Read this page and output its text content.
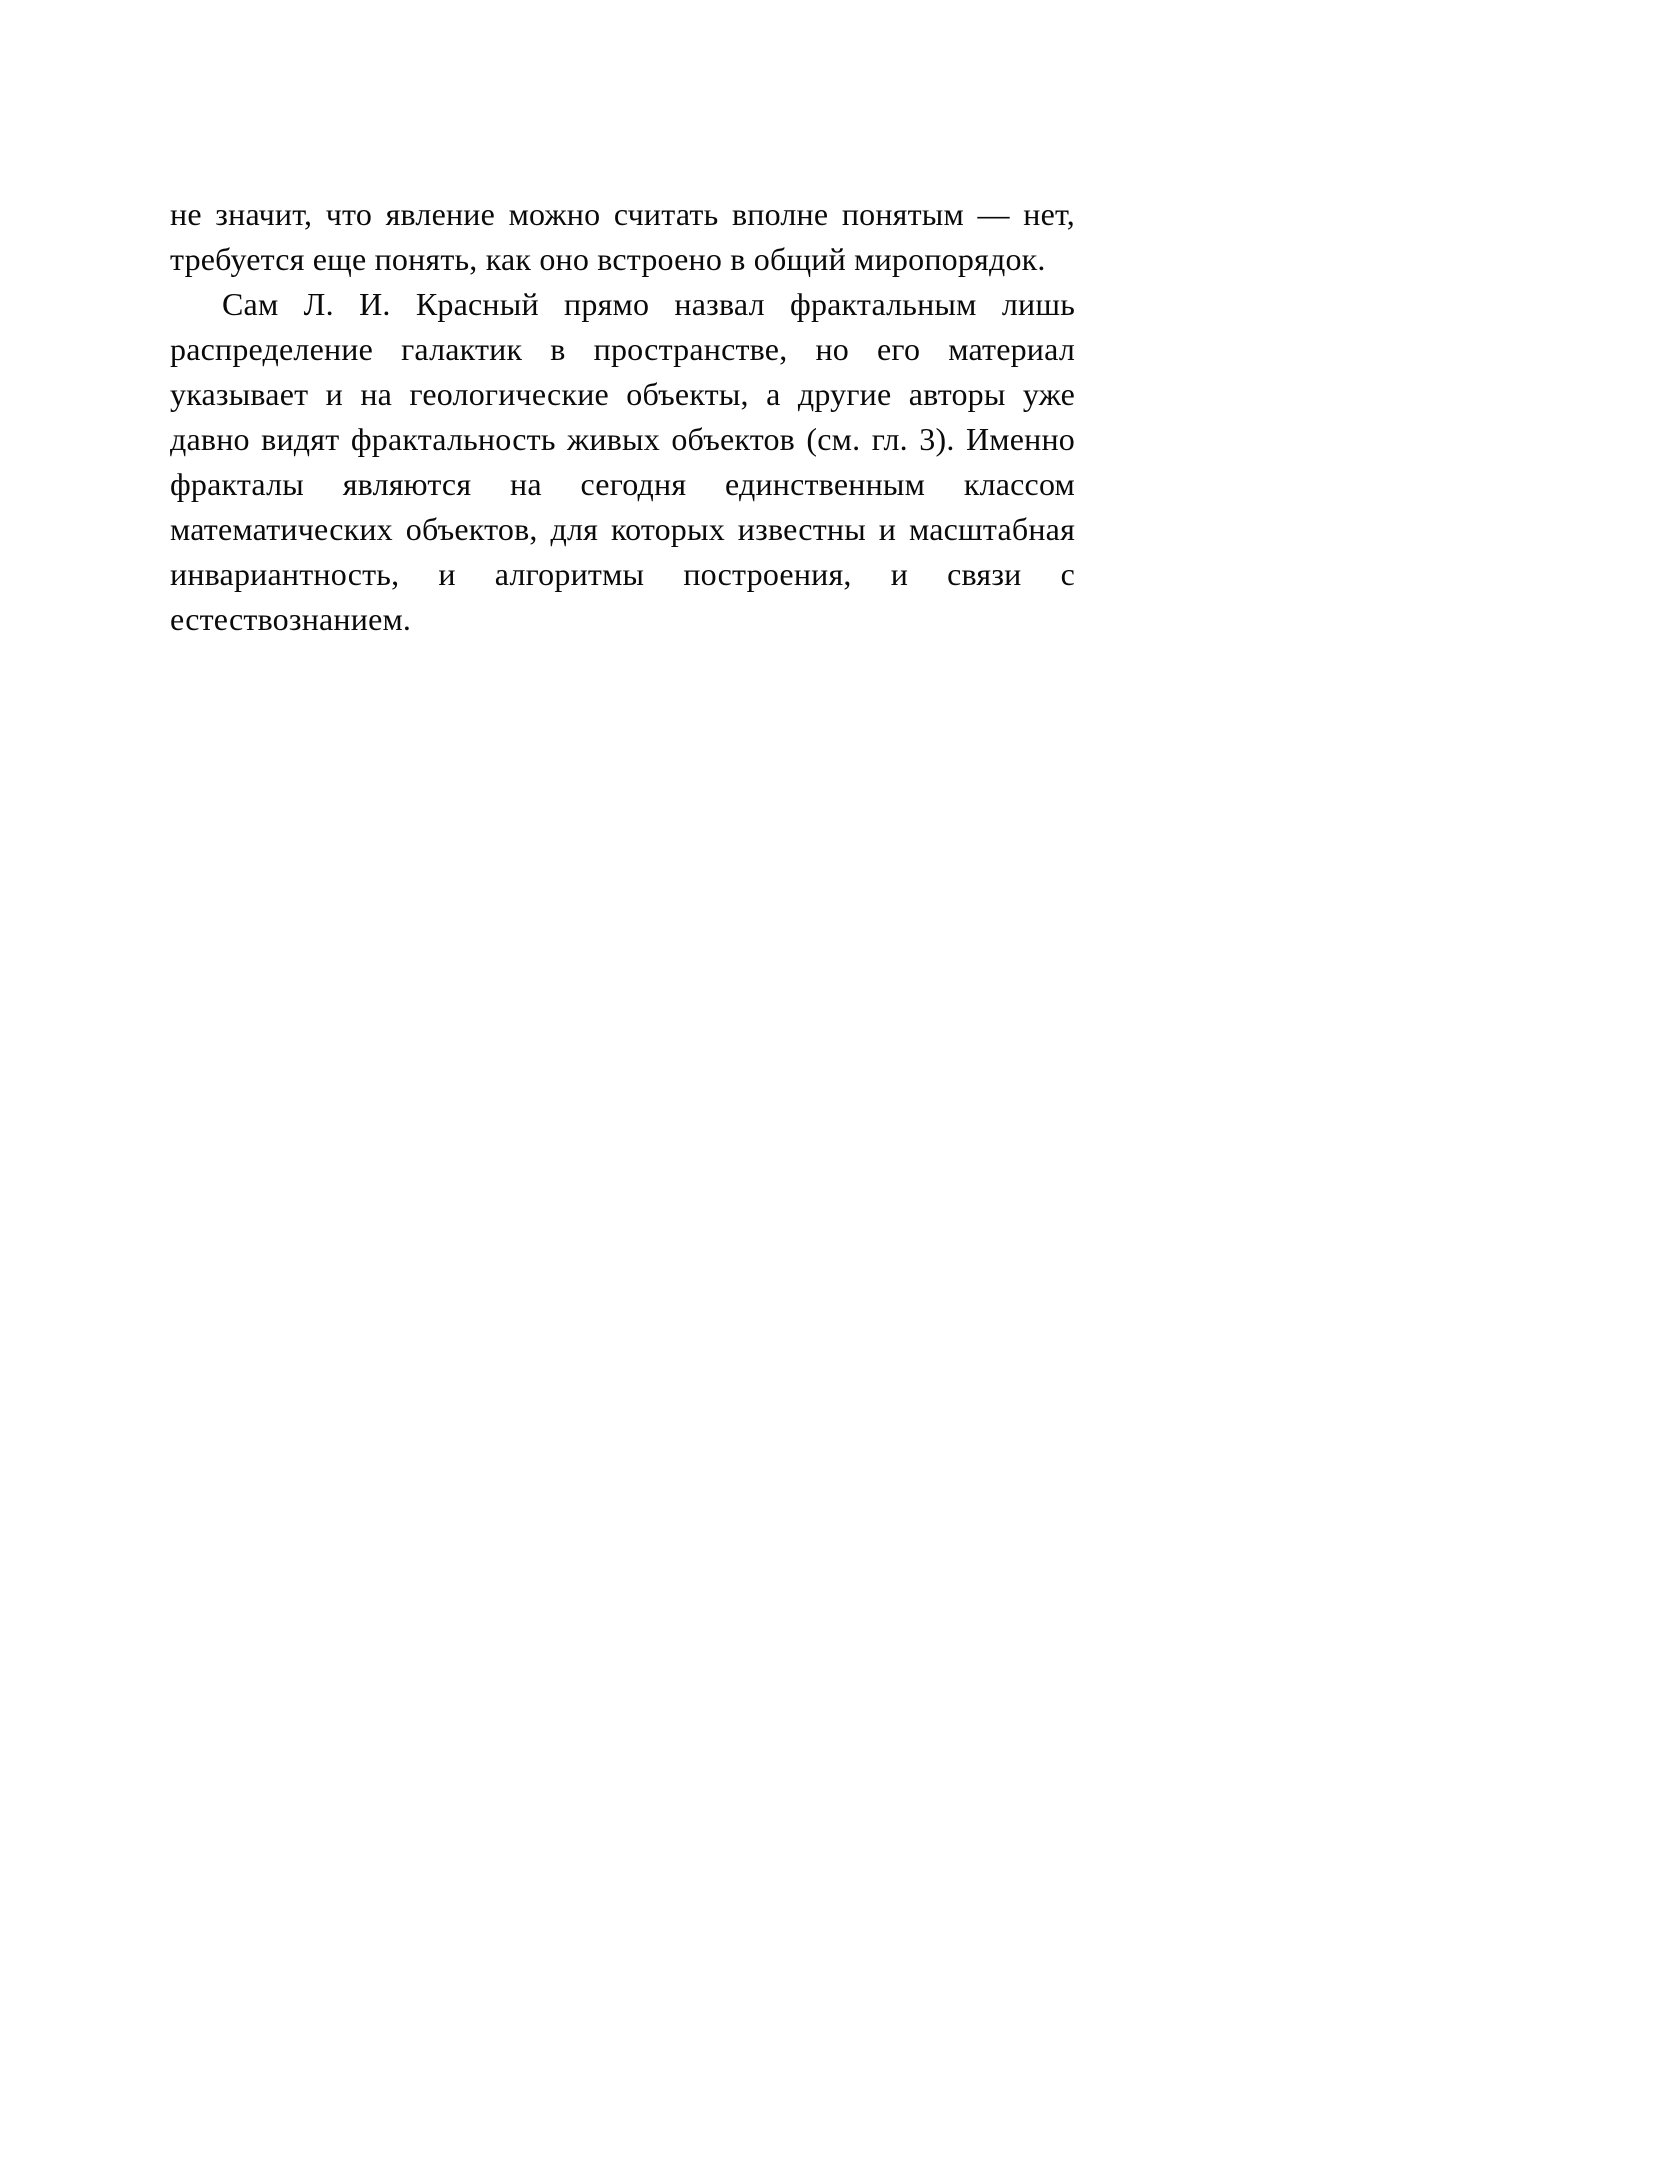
не значит, что явление можно считать вполне понятым — нет, требуется еще понять, как оно встроено в общий миропорядок.

Сам Л. И. Красный прямо назвал фрактальным лишь распределение галактик в пространстве, но его материал указывает и на геологические объекты, а другие авторы уже давно видят фрактальность живых объектов (см. гл. 3). Именно фракталы являются на сегодня единственным классом математических объектов, для которых известны и масштабная инвариантность, и алгоритмы построения, и связи с естествознанием.
